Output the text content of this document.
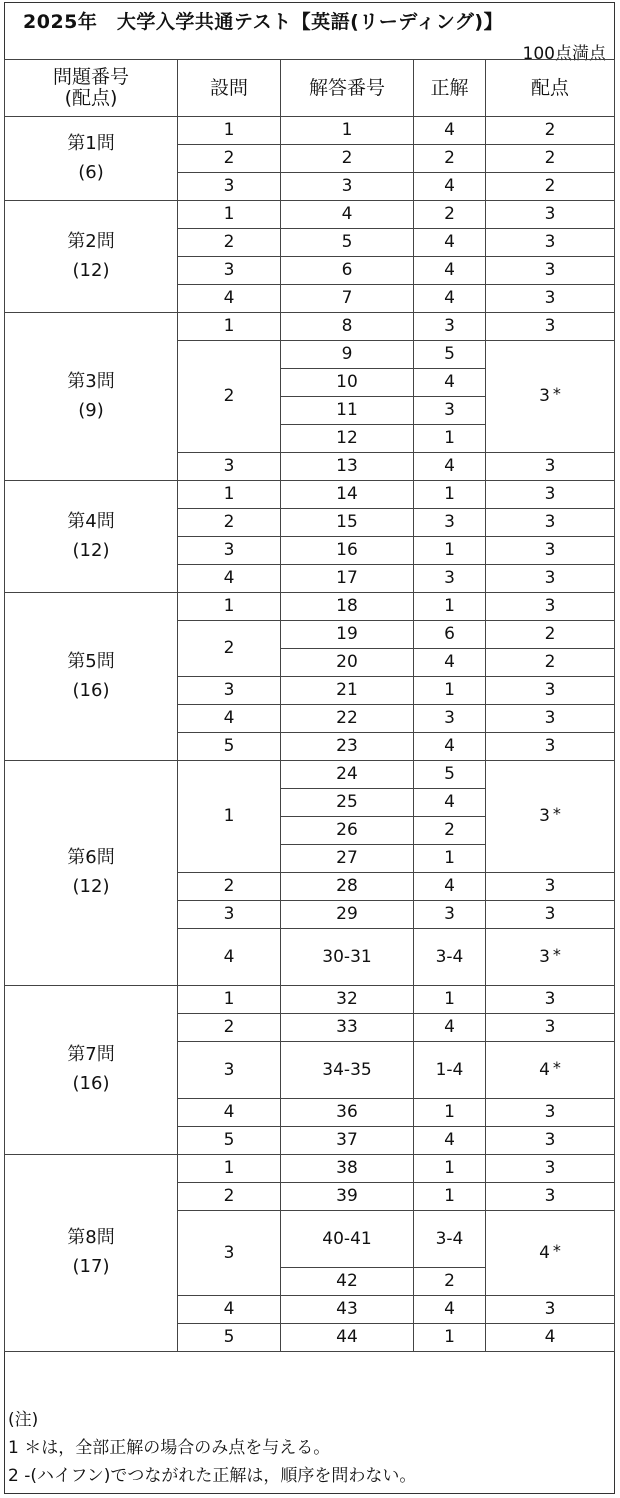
2025年　大学入学共通テスト【英語(リーディング)】
100点満点
問題番号
(配点)	設問	解答番号	正解	配点

第1問
(6)	1	1	4	2
	2	2	2	2
	3	3	4	2

第2問
(12)	1	4	2	3
	2	5	4	3
	3	6	4	3
	4	7	4	3

第3問
(9)	1	8	3	3
	2	9	5	3 *
		10	4	
		11	3	
		12	1	
	3	13	4	3

第4問
(12)	1	14	1	3
	2	15	3	3
	3	16	1	3
	4	17	3	3

第5問
(16)	1	18	1	3
	2	19	6	2
		20	4	2
	3	21	1	3
	4	22	3	3
	5	23	4	3

第6問
(12)	1	24	5	3 *
		25	4	
		26	2	
		27	1	
	2	28	4	3
	3	29	3	3
	4	30-31	3-4	3 *

第7問
(16)	1	32	1	3
	2	33	4	3
	3	34-35	1-4	4 *
	4	36	1	3
	5	37	4	3

第8問
(17)	1	38	1	3
	2	39	1	3
	3	40-41	3-4	4 *
		42	2	
	4	43	4	3
	5	44	1	4
(注)
1 ＊は，全部正解の場合のみ点を与える。
2 -(ハイフン)でつながれた正解は，順序を問わない。
